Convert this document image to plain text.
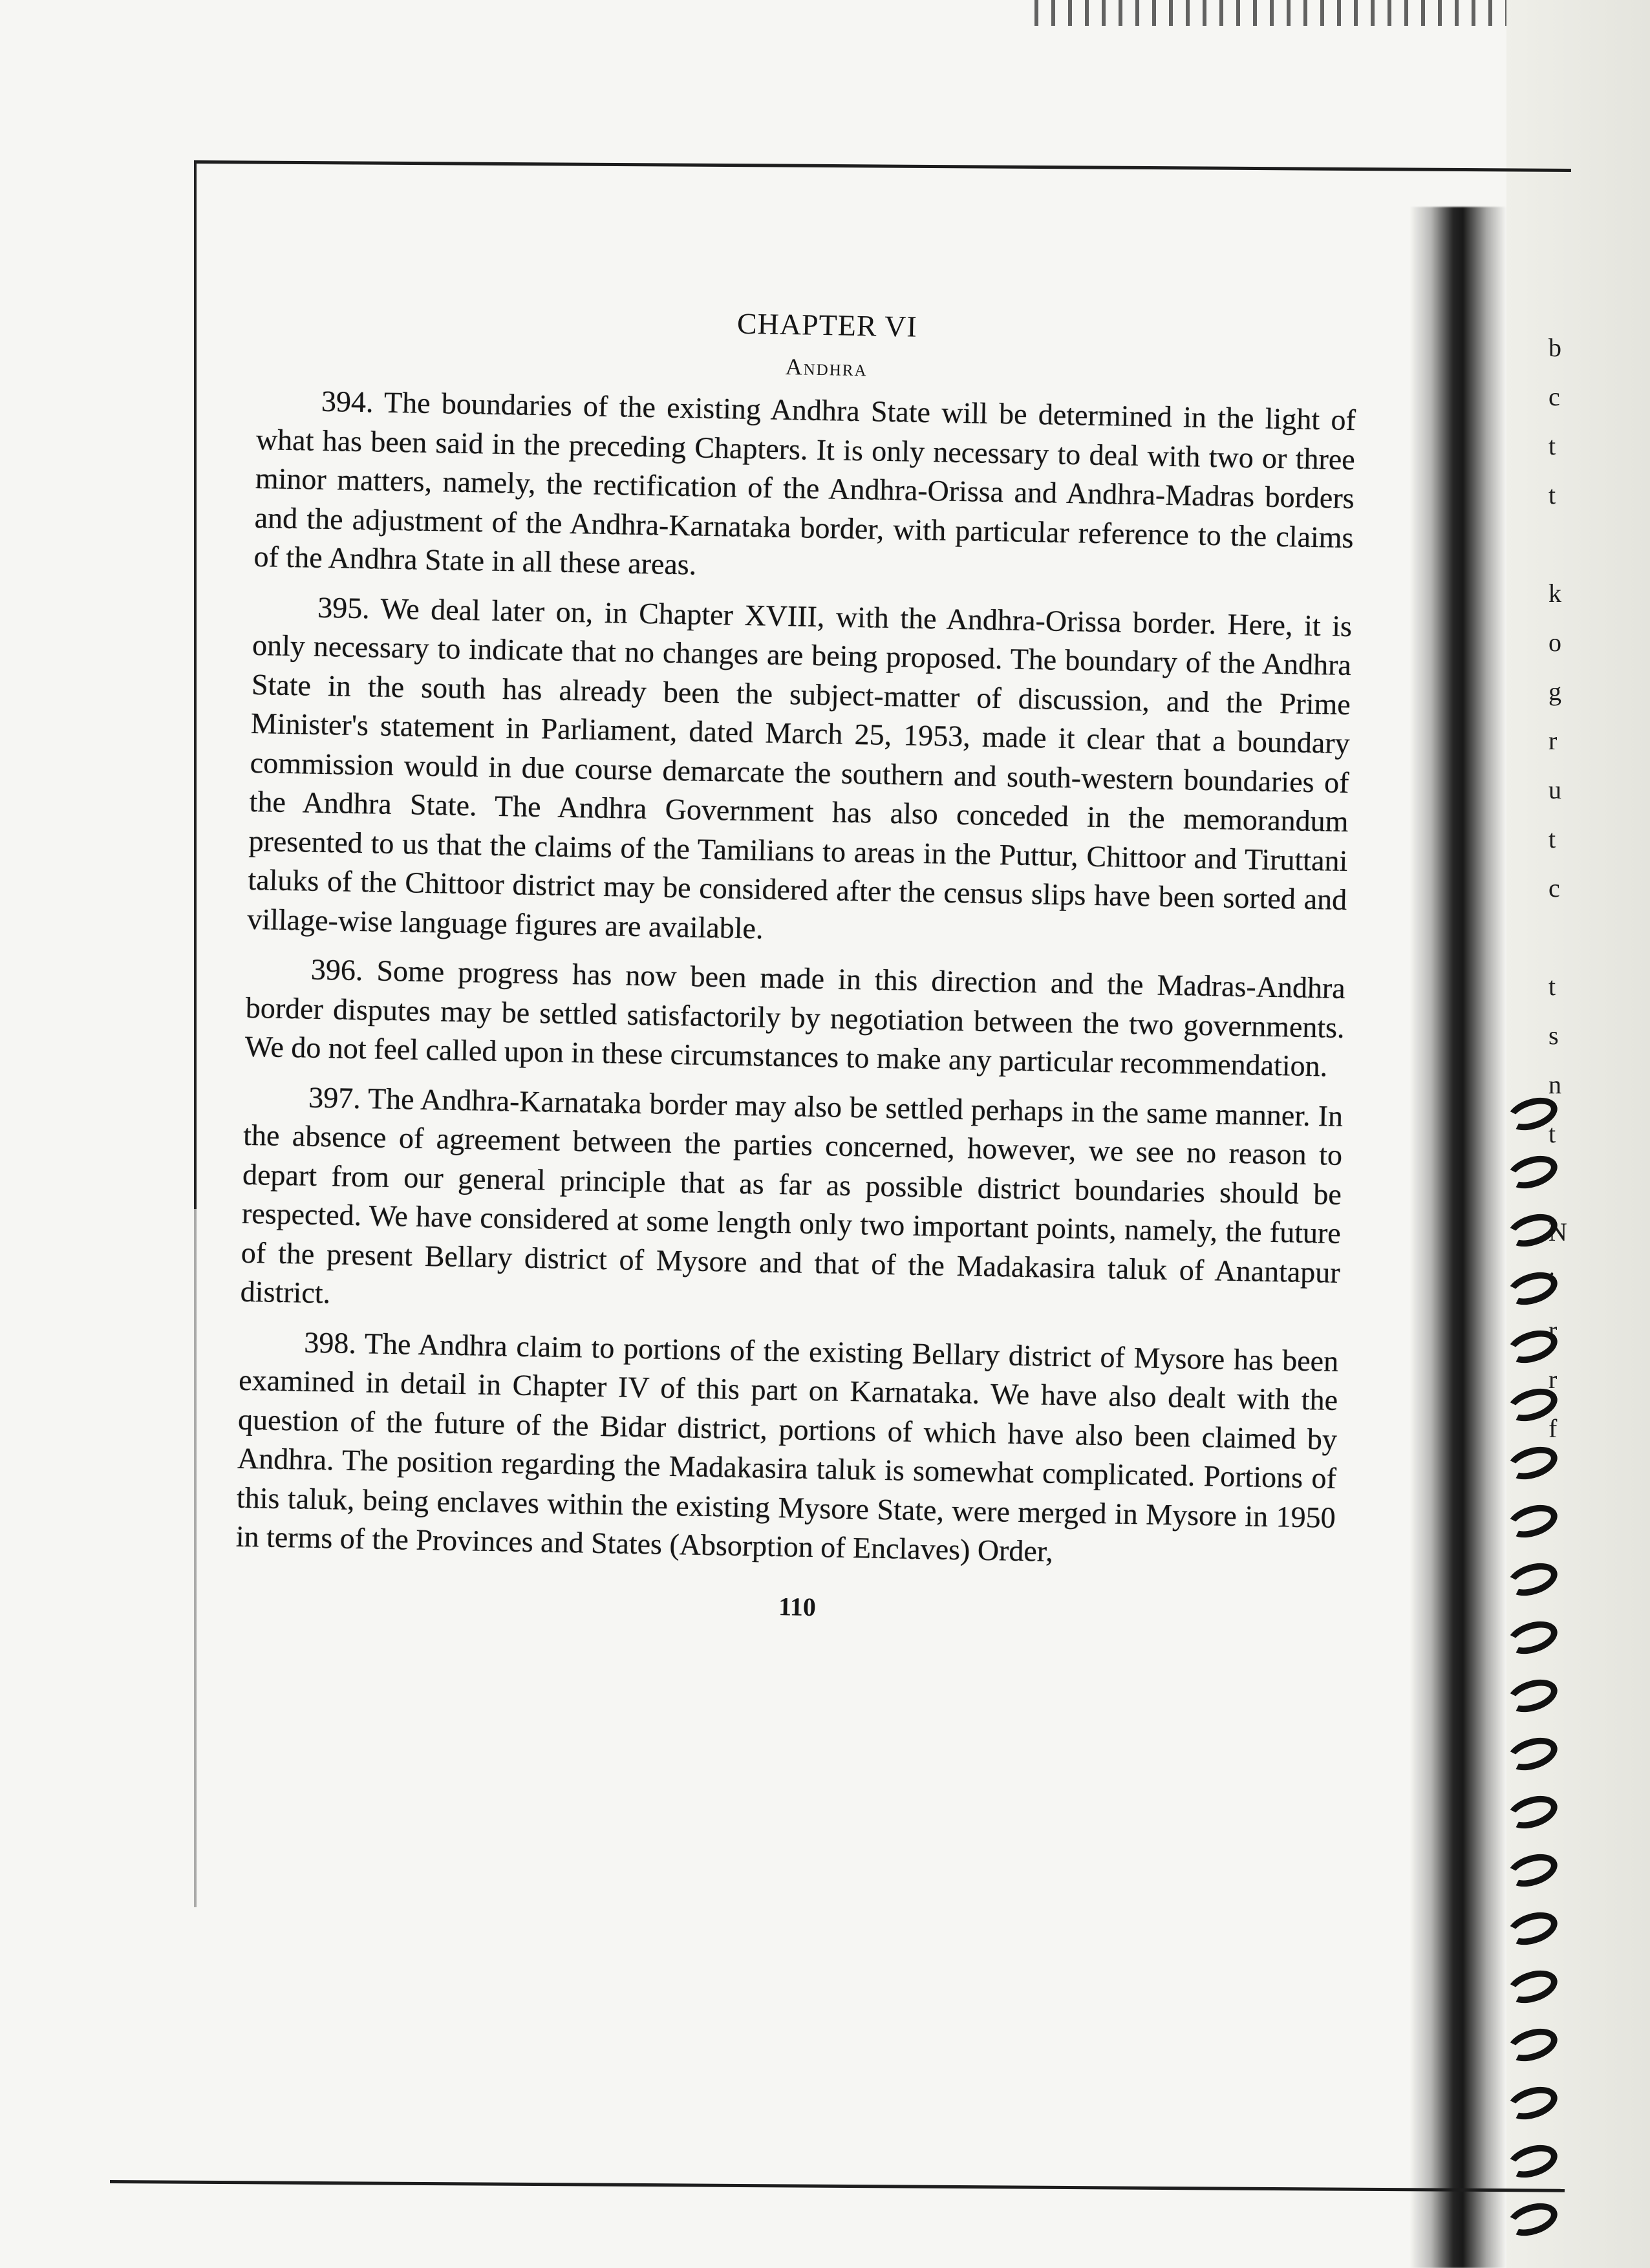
b
c
t
t

k
o
g
r
u
t
c

t
s
n
t

N
i
r
r
f
CHAPTER VI
Andhra

394. The boundaries of the existing Andhra State will be determined in the light of what has been said in the preceding Chapters. It is only necessary to deal with two or three minor matters, namely, the rectification of the Andhra-Orissa and Andhra-Madras borders and the adjustment of the Andhra-Karnataka border, with particular reference to the claims of the Andhra State in all these areas.

395. We deal later on, in Chapter XVIII, with the Andhra-Orissa border. Here, it is only necessary to indicate that no changes are being proposed. The boundary of the Andhra State in the south has already been the subject-matter of discussion, and the Prime Minister's statement in Parliament, dated March 25, 1953, made it clear that a boundary commission would in due course demarcate the southern and south-western boundaries of the Andhra State. The Andhra Government has also conceded in the memorandum presented to us that the claims of the Tamilians to areas in the Puttur, Chittoor and Tiruttani taluks of the Chittoor district may be considered after the census slips have been sorted and village-wise language figures are available.

396. Some progress has now been made in this direction and the Madras-Andhra border disputes may be settled satisfactorily by negotiation between the two governments. We do not feel called upon in these circumstances to make any particular recommendation.

397. The Andhra-Karnataka border may also be settled perhaps in the same manner. In the absence of agreement between the parties concerned, however, we see no reason to depart from our general principle that as far as possible district boundaries should be respected. We have considered at some length only two important points, namely, the future of the present Bellary district of Mysore and that of the Madakasira taluk of Anantapur district.

398. The Andhra claim to portions of the existing Bellary district of Mysore has been examined in detail in Chapter IV of this part on Karnataka. We have also dealt with the question of the future of the Bidar district, portions of which have also been claimed by Andhra. The position regarding the Madakasira taluk is somewhat complicated. Portions of this taluk, being enclaves within the existing Mysore State, were merged in Mysore in 1950 in terms of the Provinces and States (Absorption of Enclaves) Order,

110
